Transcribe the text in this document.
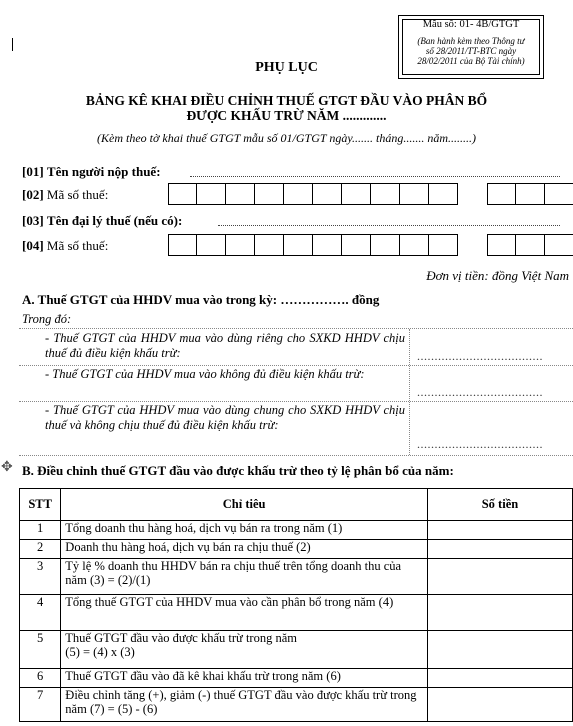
Mẫu số: 01- 4B/GTGT
(Ban hành kèm theo Thông tư
số 28/2011/TT-BTC ngày
28/02/2011 của Bộ Tài chính)
PHỤ LỤC
BẢNG KÊ KHAI ĐIỀU CHỈNH THUẾ GTGT ĐẦU VÀO PHÂN BỔ
ĐƯỢC KHẤU TRỪ NĂM .............
(Kèm theo tờ khai thuế GTGT mẫu số 01/GTGT ngày....... tháng....... năm........)
[01] Tên người nộp thuế:
[02] Mã số thuế:
[03] Tên đại lý thuế (nếu có):
[04] Mã số thuế:
Đơn vị tiền: đồng Việt Nam
A. Thuế GTGT của HHDV mua vào trong kỳ: ……………. đồng
Trong đó:
- Thuế GTGT của HHDV mua vào dùng riêng cho SXKD HHDV chịu thuế đủ điều kiện khấu trừ:	....................................
- Thuế GTGT của HHDV mua vào không đủ điều kiện khấu trừ:
....................................
- Thuế GTGT của HHDV mua vào dùng chung cho SXKD HHDV chịu thuế và không chịu thuế đủ điều kiện khấu trừ:
....................................
✥ B. Điều chỉnh thuế GTGT đầu vào được khấu trừ theo tỷ lệ phân bổ của năm:
STT	Chỉ tiêu	Số tiền
1	Tổng doanh thu hàng hoá, dịch vụ bán ra trong năm (1)	
2	Doanh thu hàng hoá, dịch vụ bán ra chịu thuế (2)	
3	Tỷ lệ % doanh thu HHDV bán ra chịu thuế trên tổng doanh thu của năm (3) = (2)/(1)	
4	Tổng thuế GTGT của HHDV mua vào cần phân bổ trong năm (4)	
5	Thuế GTGT đầu vào được khấu trừ trong năm
(5) = (4) x (3)	
6	Thuế GTGT đầu vào đã kê khai khấu trừ trong năm (6)	
7	Điều chỉnh tăng (+), giảm (-) thuế GTGT đầu vào được khấu trừ trong năm (7) = (5) - (6)	
